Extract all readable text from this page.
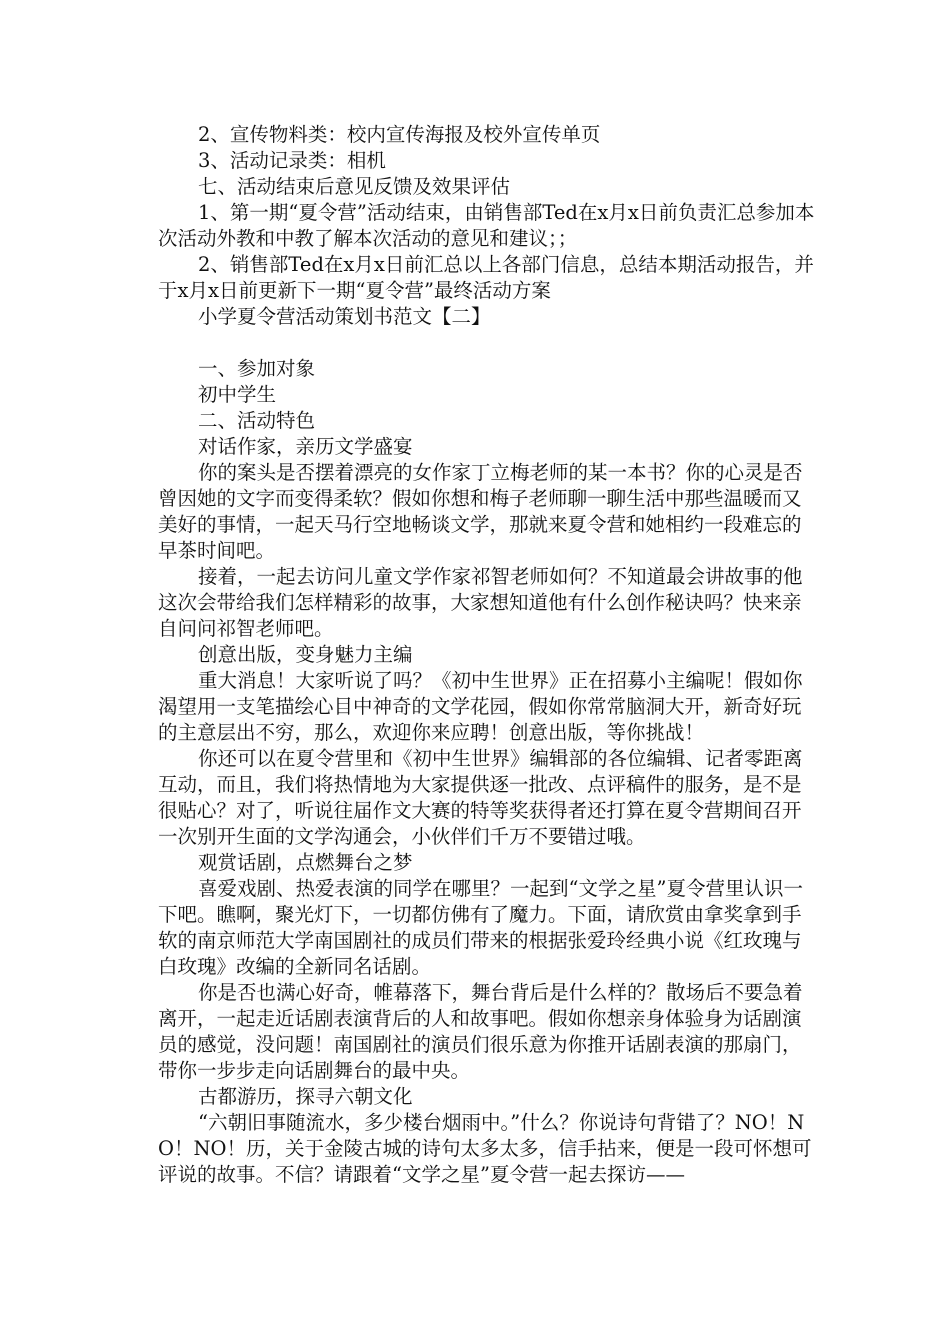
2、宣传物料类：校内宣传海报及校外宣传单页

3、活动记录类：相机

七、活动结束后意见反馈及效果评估

1、第一期“夏令营”活动结束，由销售部Ted在x月x日前负责汇总参加本次活动外教和中教了解本次活动的意见和建议；；

2、销售部Ted在x月x日前汇总以上各部门信息，总结本期活动报告，并于x月x日前更新下一期“夏令营”最终活动方案

小学夏令营活动策划书范文【二】

一、参加对象

初中学生

二、活动特色

对话作家，亲历文学盛宴

你的案头是否摆着漂亮的女作家丁立梅老师的某一本书？你的心灵是否曾因她的文字而变得柔软？假如你想和梅子老师聊一聊生活中那些温暖而又美好的事情，一起天马行空地畅谈文学，那就来夏令营和她相约一段难忘的早茶时间吧。

接着，一起去访问儿童文学作家祁智老师如何？不知道最会讲故事的他这次会带给我们怎样精彩的故事，大家想知道他有什么创作秘诀吗？快来亲自问问祁智老师吧。

创意出版，变身魅力主编

重大消息！大家听说了吗？《初中生世界》正在招募小主编呢！假如你渴望用一支笔描绘心目中神奇的文学花园，假如你常常脑洞大开，新奇好玩的主意层出不穷，那么，欢迎你来应聘！创意出版，等你挑战！

你还可以在夏令营里和《初中生世界》编辑部的各位编辑、记者零距离互动，而且，我们将热情地为大家提供逐一批改、点评稿件的服务，是不是很贴心？对了，听说往届作文大赛的特等奖获得者还打算在夏令营期间召开一次别开生面的文学沟通会，小伙伴们千万不要错过哦。

观赏话剧，点燃舞台之梦

喜爱戏剧、热爱表演的同学在哪里？一起到“文学之星”夏令营里认识一下吧。瞧啊，聚光灯下，一切都仿佛有了魔力。下面，请欣赏由拿奖拿到手软的南京师范大学南国剧社的成员们带来的根据张爱玲经典小说《红玫瑰与白玫瑰》改编的全新同名话剧。

你是否也满心好奇，帷幕落下，舞台背后是什么样的？散场后不要急着离开，一起走近话剧表演背后的人和故事吧。假如你想亲身体验身为话剧演员的感觉，没问题！南国剧社的演员们很乐意为你推开话剧表演的那扇门，带你一步步走向话剧舞台的最中央。

古都游历，探寻六朝文化

“六朝旧事随流水，多少楼台烟雨中。”什么？你说诗句背错了？NO！NO！NO！历，关于金陵古城的诗句太多太多，信手拈来，便是一段可怀想可评说的故事。不信？请跟着“文学之星”夏令营一起去探访——
